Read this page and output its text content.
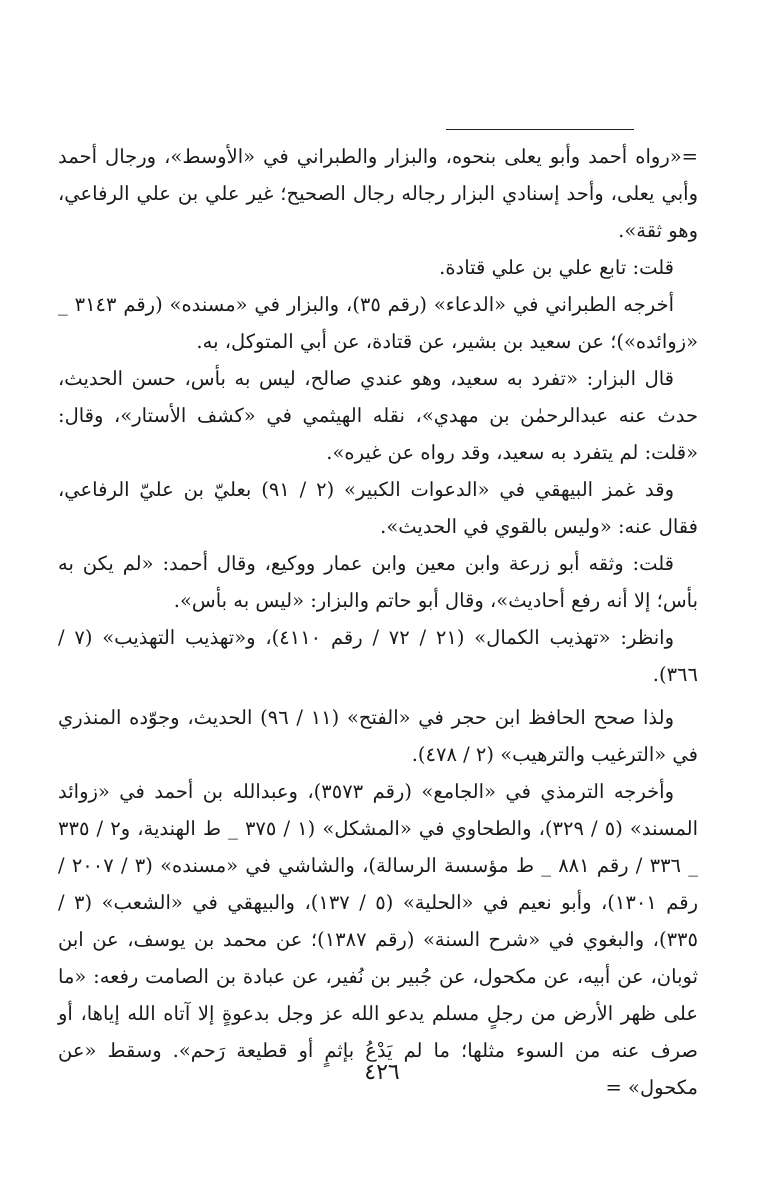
=«رواه أحمد وأبو يعلى بنحوه، والبزار والطبراني في «الأوسط»، ورجال أحمد وأبي يعلى، وأحد إسنادي البزار رجاله رجال الصحيح؛ غير علي بن علي الرفاعي، وهو ثقة».

قلت: تابع علي بن علي قتادة.

أخرجه الطبراني في «الدعاء» (رقم ٣٥)، والبزار في «مسنده» (رقم ٣١٤٣ _ «زوائده»)؛ عن سعيد بن بشير، عن قتادة، عن أبي المتوكل، به.

قال البزار: «تفرد به سعيد، وهو عندي صالح، ليس به بأس، حسن الحديث، حدث عنه عبدالرحمٰن بن مهدي»، نقله الهيثمي في «كشف الأستار»، وقال: «قلت: لم يتفرد به سعيد، وقد رواه عن غيره».

وقد غمز البيهقي في «الدعوات الكبير» (٢ / ٩١) بعليّ بن عليّ الرفاعي، فقال عنه: «وليس بالقوي في الحديث».

قلت: وثقه أبو زرعة وابن معين وابن عمار ووكيع، وقال أحمد: «لم يكن به بأس؛ إلا أنه رفع أحاديث»، وقال أبو حاتم والبزار: «ليس به بأس».

وانظر: «تهذيب الكمال» (٢١ / ٧٢ / رقم ٤١١٠)، و«تهذيب التهذيب» (٧ / ٣٦٦).

ولذا صحح الحافظ ابن حجر في «الفتح» (١١ / ٩٦) الحديث، وجوّده المنذري في «الترغيب والترهيب» (٢ / ٤٧٨).

وأخرجه الترمذي في «الجامع» (رقم ٣٥٧٣)، وعبدالله بن أحمد في «زوائد المسند» (٥ / ٣٢٩)، والطحاوي في «المشكل» (١ / ٣٧٥ _ ط الهندية، و٢ / ٣٣٥ _ ٣٣٦ / رقم ٨٨١ _ ط مؤسسة الرسالة)، والشاشي في «مسنده» (٣ / ٢٠٠٧ / رقم ١٣٠١)، وأبو نعيم في «الحلية» (٥ / ١٣٧)، والبيهقي في «الشعب» (٣ / ٣٣٥)، والبغوي في «شرح السنة» (رقم ١٣٨٧)؛ عن محمد بن يوسف، عن ابن ثوبان، عن أبيه، عن مكحول، عن جُبير بن نُفير، عن عبادة بن الصامت رفعه: «ما على ظهر الأرض من رجلٍ مسلم يدعو الله عز وجل بدعوةٍ إلا آتاه الله إياها، أو صرف عنه من السوء مثلها؛ ما لم يَدْعُ بإثمٍ أو قطيعة رَحم». وسقط «عن مكحول» =

٤٢٦
